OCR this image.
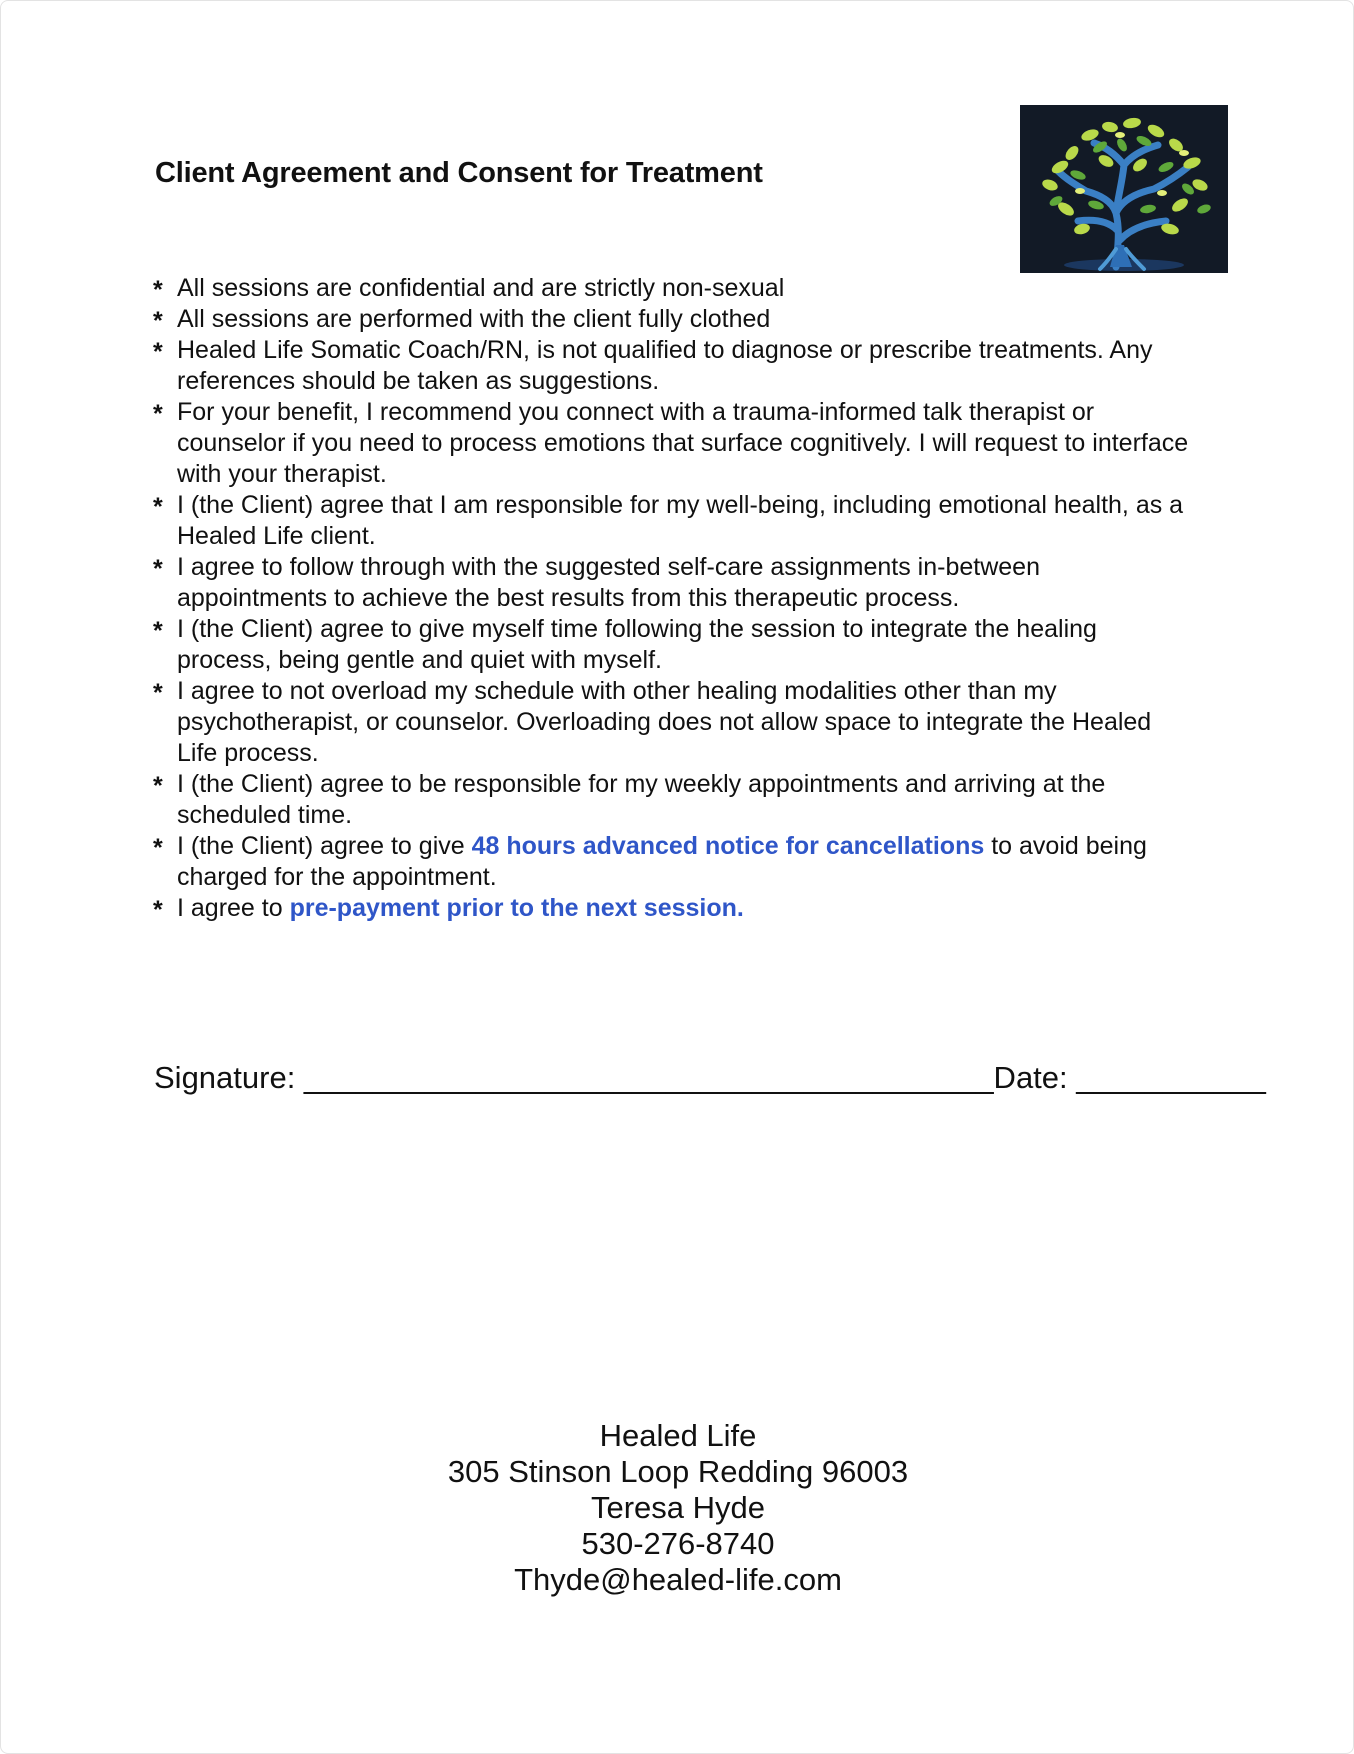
Client Agreement and Consent for Treatment
* All sessions are confidential and are strictly non-sexual
* All sessions are performed with the client fully clothed
* Healed Life Somatic Coach/RN, is not qualified to diagnose or prescribe treatments. Any references should be taken as suggestions.
* For your benefit, I recommend you connect with a trauma-informed talk therapist or counselor if you need to process emotions that surface cognitively. I will request to interface with your therapist.
* I (the Client) agree that I am responsible for my well-being, including emotional health, as a Healed Life client.
* I agree to follow through with the suggested self-care assignments in-between appointments to achieve the best results from this therapeutic process.
* I (the Client) agree to give myself time following the session to integrate the healing process, being gentle and quiet with myself.
* I agree to not overload my schedule with other healing modalities other than my psychotherapist, or counselor. Overloading does not allow space to integrate the Healed Life process.
* I (the Client) agree to be responsible for my weekly appointments and arriving at the scheduled time.
* I (the Client) agree to give 48 hours advanced notice for cancellations to avoid being charged for the appointment.
* I agree to pre-payment prior to the next session.

Signature: ________________________________________Date: ___________

Healed Life
305 Stinson Loop Redding 96003
Teresa Hyde
530-276-8740
Thyde@healed-life.com
